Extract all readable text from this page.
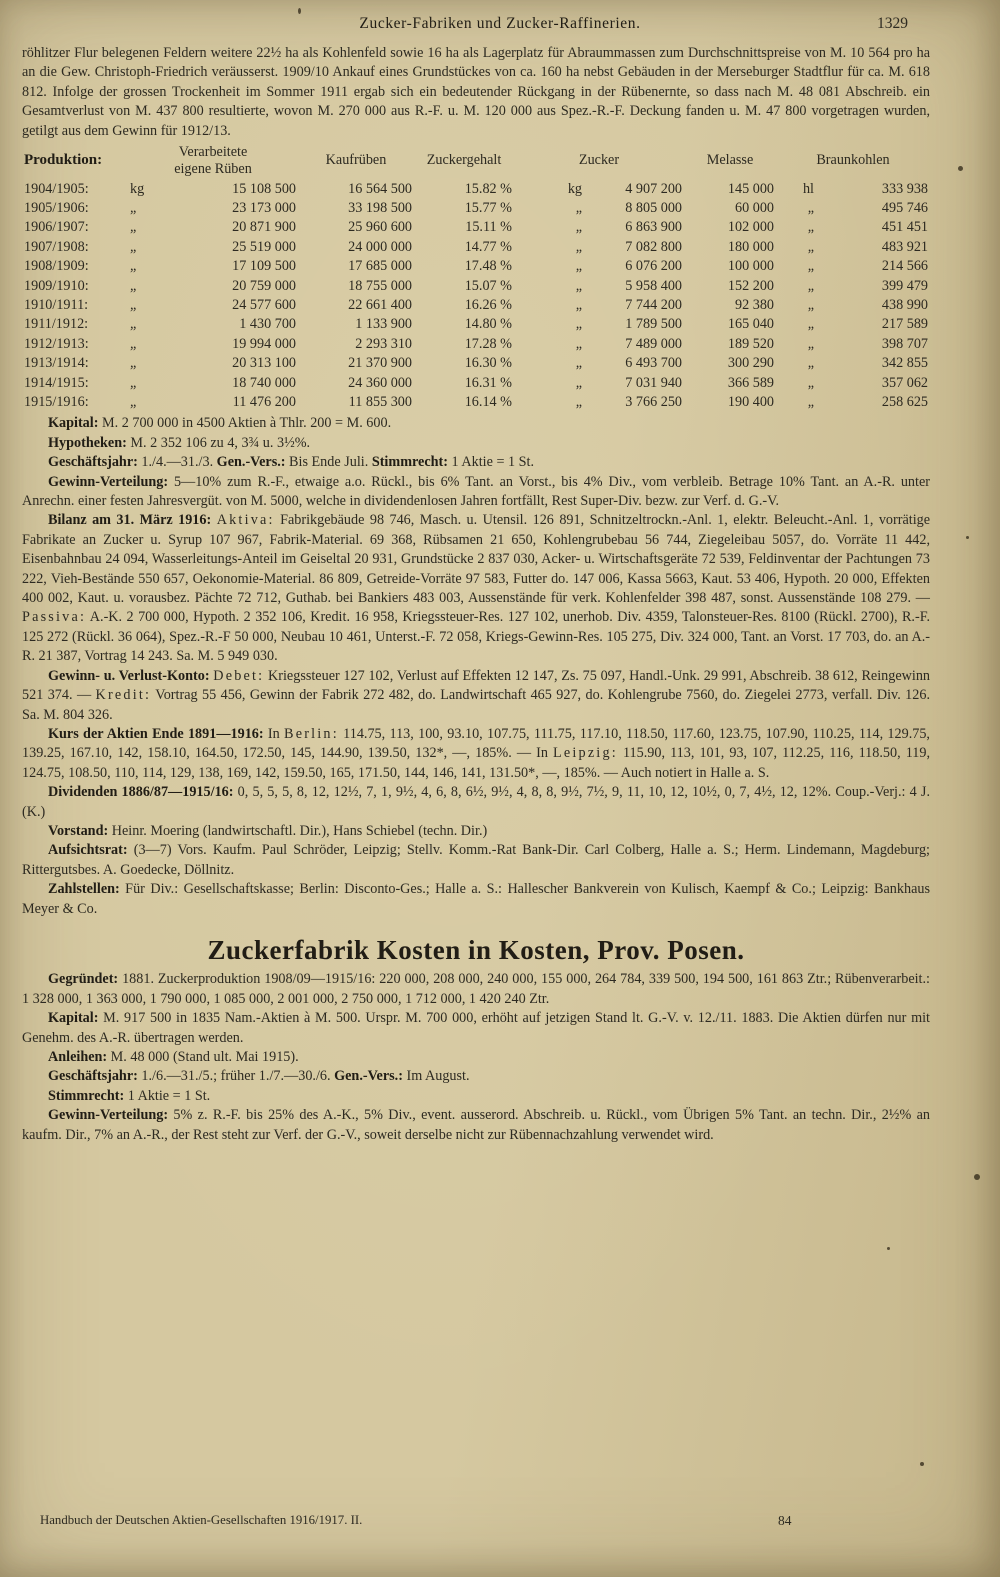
Zucker-Fabriken und Zucker-Raffinerien.	1329

röhlitzer Flur belegenen Feldern weitere 22½ ha als Kohlenfeld sowie 16 ha als Lagerplatz für Abraummassen zum Durchschnittspreise von M. 10 564 pro ha an die Gew. Christoph-Friedrich veräusserst. 1909/10 Ankauf eines Grundstückes von ca. 160 ha nebst Gebäuden in der Merseburger Stadtflur für ca. M. 618 812. Infolge der grossen Trockenheit im Sommer 1911 ergab sich ein bedeutender Rückgang in der Rübenernte, so dass nach M. 48 081 Abschreib. ein Gesamtverlust von M. 437 800 resultierte, wovon M. 270 000 aus R.-F. u. M. 120 000 aus Spez.-R.-F. Deckung fanden u. M. 47 800 vorgetragen wurden, getilgt aus dem Gewinn für 1912/13.

Produktion:	Verarbeitete
eigene Rüben		Kaufrüben	Zuckergehalt	Zucker		Melasse	Braunkohlen	
1904/1905:	kg	15 108 500	16 564 500	15.82 %	kg	4 907 200	145 000	hl	333 938
1905/1906:	„	23 173 000	33 198 500	15.77 %	„	8 805 000	60 000	„	495 746
1906/1907:	„	20 871 900	25 960 600	15.11 %	„	6 863 900	102 000	„	451 451
1907/1908:	„	25 519 000	24 000 000	14.77 %	„	7 082 800	180 000	„	483 921
1908/1909:	„	17 109 500	17 685 000	17.48 %	„	6 076 200	100 000	„	214 566
1909/1910:	„	20 759 000	18 755 000	15.07 %	„	5 958 400	152 200	„	399 479
1910/1911:	„	24 577 600	22 661 400	16.26 %	„	7 744 200	92 380	„	438 990
1911/1912:	„	1 430 700	1 133 900	14.80 %	„	1 789 500	165 040	„	217 589
1912/1913:	„	19 994 000	2 293 310	17.28 %	„	7 489 000	189 520	„	398 707
1913/1914:	„	20 313 100	21 370 900	16.30 %	„	6 493 700	300 290	„	342 855
1914/1915:	„	18 740 000	24 360 000	16.31 %	„	7 031 940	366 589	„	357 062
1915/1916:	„	11 476 200	11 855 300	16.14 %	„	3 766 250	190 400	„	258 625

Kapital: M. 2 700 000 in 4500 Aktien à Thlr. 200 = M. 600.

Hypotheken: M. 2 352 106 zu 4, 3¾ u. 3½%.

Geschäftsjahr: 1./4.—31./3. Gen.-Vers.: Bis Ende Juli. Stimmrecht: 1 Aktie = 1 St.

Gewinn-Verteilung: 5—10% zum R.-F., etwaige a.o. Rückl., bis 6% Tant. an Vorst., bis 4% Div., vom verbleib. Betrage 10% Tant. an A.-R. unter Anrechn. einer festen Jahresvergüt. von M. 5000, welche in dividendenlosen Jahren fortfällt, Rest Super-Div. bezw. zur Verf. d. G.-V.

Bilanz am 31. März 1916: Aktiva: Fabrikgebäude 98 746, Masch. u. Utensil. 126 891, Schnitzeltrockn.-Anl. 1, elektr. Beleucht.-Anl. 1, vorrätige Fabrikate an Zucker u. Syrup 107 967, Fabrik-Material. 69 368, Rübsamen 21 650, Kohlengrubebau 56 744, Ziegeleibau 5057, do. Vorräte 11 442, Eisenbahnbau 24 094, Wasserleitungs-Anteil im Geiseltal 20 931, Grundstücke 2 837 030, Acker- u. Wirtschaftsgeräte 72 539, Feldinventar der Pachtungen 73 222, Vieh-Bestände 550 657, Oekonomie-Material. 86 809, Getreide-Vorräte 97 583, Futter do. 147 006, Kassa 5663, Kaut. 53 406, Hypoth. 20 000, Effekten 400 002, Kaut. u. vorausbez. Pächte 72 712, Guthab. bei Bankiers 483 003, Aussenstände für verk. Kohlenfelder 398 487, sonst. Aussenstände 108 279. — Passiva: A.-K. 2 700 000, Hypoth. 2 352 106, Kredit. 16 958, Kriegssteuer-Res. 127 102, unerhob. Div. 4359, Talonsteuer-Res. 8100 (Rückl. 2700), R.-F. 125 272 (Rückl. 36 064), Spez.-R.-F 50 000, Neubau 10 461, Unterst.-F. 72 058, Kriegs-Gewinn-Res. 105 275, Div. 324 000, Tant. an Vorst. 17 703, do. an A.-R. 21 387, Vortrag 14 243. Sa. M. 5 949 030.

Gewinn- u. Verlust-Konto: Debet: Kriegssteuer 127 102, Verlust auf Effekten 12 147, Zs. 75 097, Handl.-Unk. 29 991, Abschreib. 38 612, Reingewinn 521 374. — Kredit: Vortrag 55 456, Gewinn der Fabrik 272 482, do. Landwirtschaft 465 927, do. Kohlengrube 7560, do. Ziegelei 2773, verfall. Div. 126. Sa. M. 804 326.

Kurs der Aktien Ende 1891—1916: In Berlin: 114.75, 113, 100, 93.10, 107.75, 111.75, 117.10, 118.50, 117.60, 123.75, 107.90, 110.25, 114, 129.75, 139.25, 167.10, 142, 158.10, 164.50, 172.50, 145, 144.90, 139.50, 132*, —, 185%. — In Leipzig: 115.90, 113, 101, 93, 107, 112.25, 116, 118.50, 119, 124.75, 108.50, 110, 114, 129, 138, 169, 142, 159.50, 165, 171.50, 144, 146, 141, 131.50*, —, 185%. — Auch notiert in Halle a. S.

Dividenden 1886/87—1915/16: 0, 5, 5, 5, 8, 12, 12½, 7, 1, 9½, 4, 6, 8, 6½, 9½, 4, 8, 8, 9½, 7½, 9, 11, 10, 12, 10½, 0, 7, 4½, 12, 12%. Coup.-Verj.: 4 J. (K.)

Vorstand: Heinr. Moering (landwirtschaftl. Dir.), Hans Schiebel (techn. Dir.)

Aufsichtsrat: (3—7) Vors. Kaufm. Paul Schröder, Leipzig; Stellv. Komm.-Rat Bank-Dir. Carl Colberg, Halle a. S.; Herm. Lindemann, Magdeburg; Rittergutsbes. A. Goedecke, Döllnitz.

Zahlstellen: Für Div.: Gesellschaftskasse; Berlin: Disconto-Ges.; Halle a. S.: Hallescher Bankverein von Kulisch, Kaempf & Co.; Leipzig: Bankhaus Meyer & Co.

Zuckerfabrik Kosten in Kosten, Prov. Posen.

Gegründet: 1881. Zuckerproduktion 1908/09—1915/16: 220 000, 208 000, 240 000, 155 000, 264 784, 339 500, 194 500, 161 863 Ztr.; Rübenverarbeit.: 1 328 000, 1 363 000, 1 790 000, 1 085 000, 2 001 000, 2 750 000, 1 712 000, 1 420 240 Ztr.

Kapital: M. 917 500 in 1835 Nam.-Aktien à M. 500. Urspr. M. 700 000, erhöht auf jetzigen Stand lt. G.-V. v. 12./11. 1883. Die Aktien dürfen nur mit Genehm. des A.-R. übertragen werden.

Anleihen: M. 48 000 (Stand ult. Mai 1915).

Geschäftsjahr: 1./6.—31./5.; früher 1./7.—30./6. Gen.-Vers.: Im August.

Stimmrecht: 1 Aktie = 1 St.

Gewinn-Verteilung: 5% z. R.-F. bis 25% des A.-K., 5% Div., event. ausserord. Abschreib. u. Rückl., vom Übrigen 5% Tant. an techn. Dir., 2½% an kaufm. Dir., 7% an A.-R., der Rest steht zur Verf. der G.-V., soweit derselbe nicht zur Rübennachzahlung verwendet wird.

Handbuch der Deutschen Aktien-Gesellschaften 1916/1917. II.	84
